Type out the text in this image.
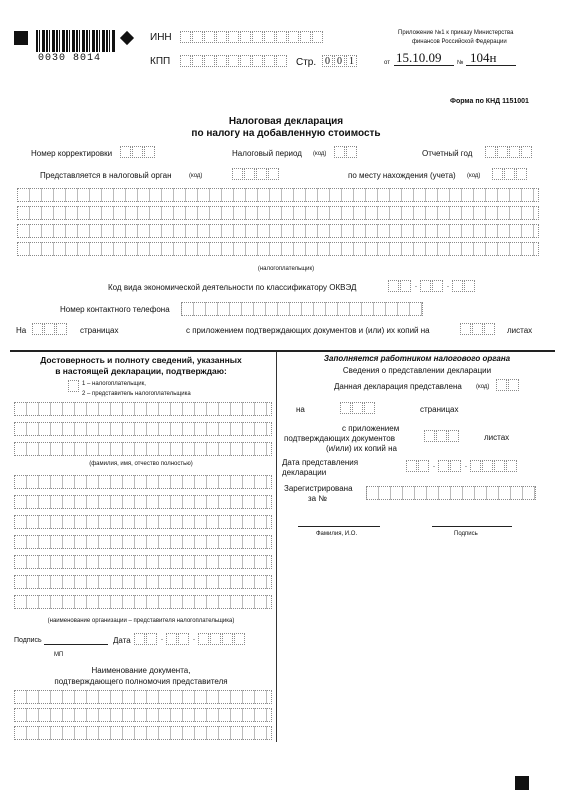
0030 8014
ИНН
КПП	Стр. 0 0 1
Приложение №1 к приказу Министерства
финансов Российской Федерации
от 15.10.09	№ 104н
Форма по КНД 1151001
Налоговая декларация
по налогу на добавленную стоимость
Номер корректировки	Налоговый период (код)	Отчетный год
Представляется в налоговый орган	(код)	по месту нахождения (учета) (код)
(налогоплательщик)
Код вида экономической деятельности по классификатору ОКВЭД	.	.
Номер контактного телефона
На	страницах	с приложением подтверждающих документов и (или) их копий на	листах
Достоверность и полноту сведений, указанных
в настоящей декларации, подтверждаю:
1 – налогоплательщик,
2 – представитель налогоплательщика
(фамилия, имя, отчество полностью)
(наименование организации – представителя налогоплательщика)
Подпись	Дата	.	.
МП
Наименование документа,
подтверждающего полномочия представителя
Заполняется работником налогового органа
Сведения о представлении декларации
Данная декларация представлена (код)
на	страницах
с приложением
подтверждающих документов
(и/или) их копий на
листах
Дата представления
декларации
.	.
Зарегистрирована
за №
Фамилия, И.О.	Подпись
